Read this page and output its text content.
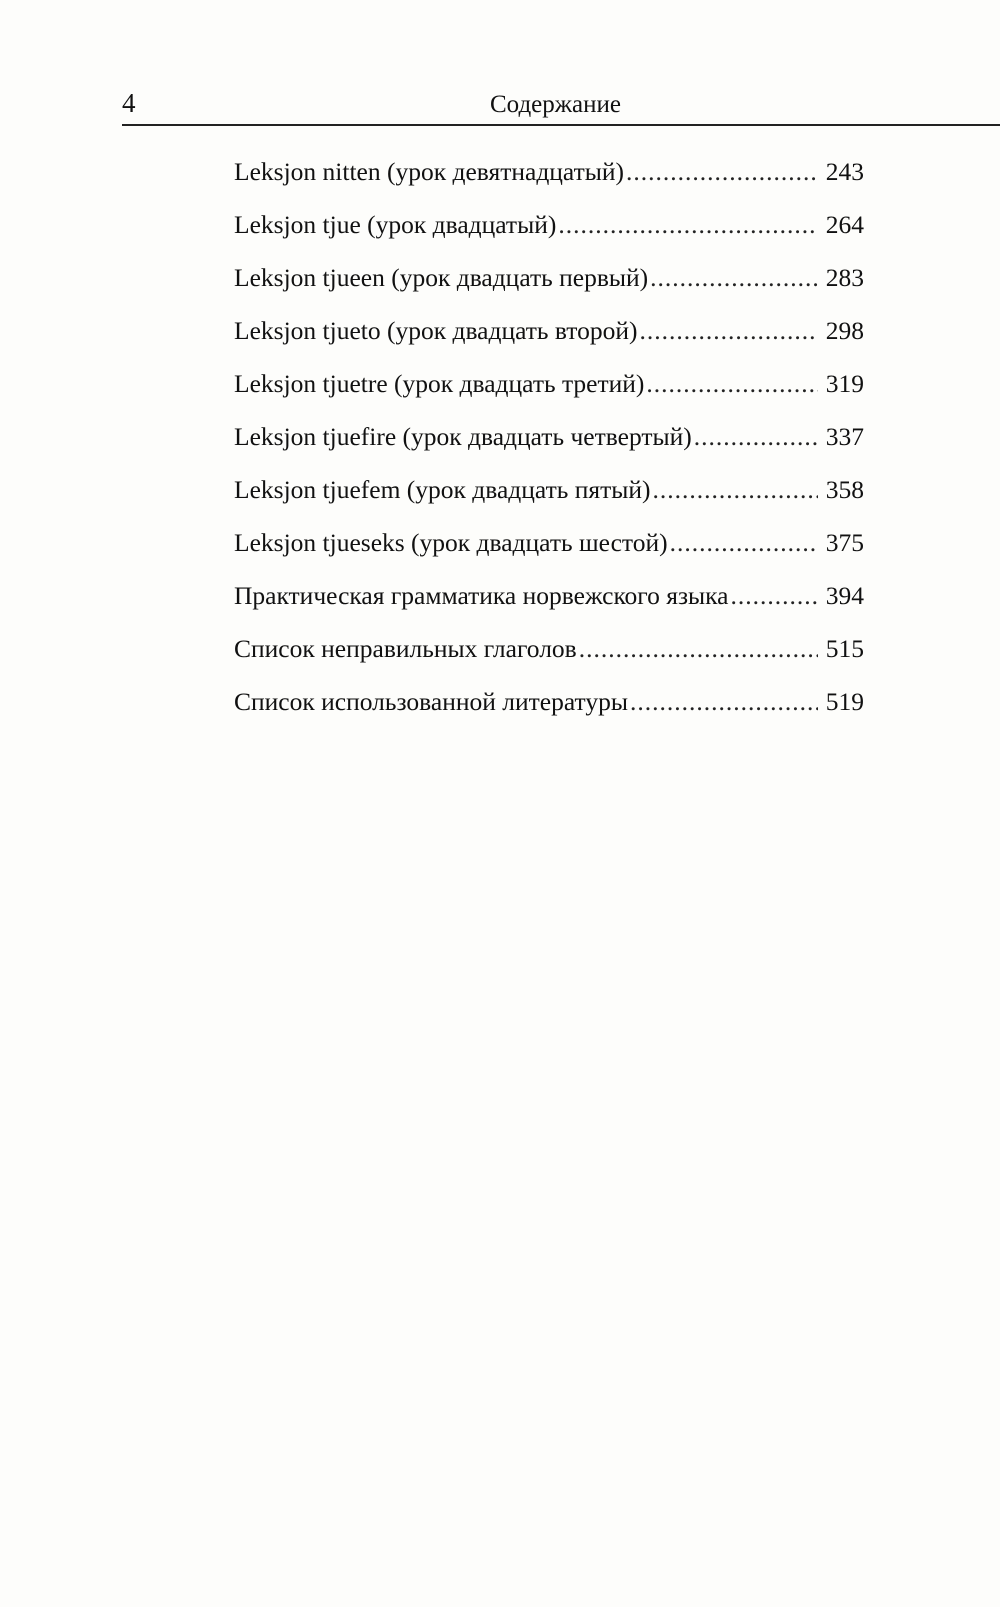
4	Содержание
Leksjon nitten (урок девятнадцатый) .....	243
Leksjon tjue (урок двадцатый) .....	264
Leksjon tjueen (урок двадцать первый) .....	283
Leksjon tjueto (урок двадцать второй) .....	298
Leksjon tjuetre (урок двадцать третий) .....	319
Leksjon tjuefire (урок двадцать четвертый) .....	337
Leksjon tjuefem (урок двадцать пятый) .....	358
Leksjon tjueseks (урок двадцать шестой) .....	375
Практическая грамматика норвежского языка .....	394
Список неправильных глаголов .....	515
Список использованной литературы .....	519
